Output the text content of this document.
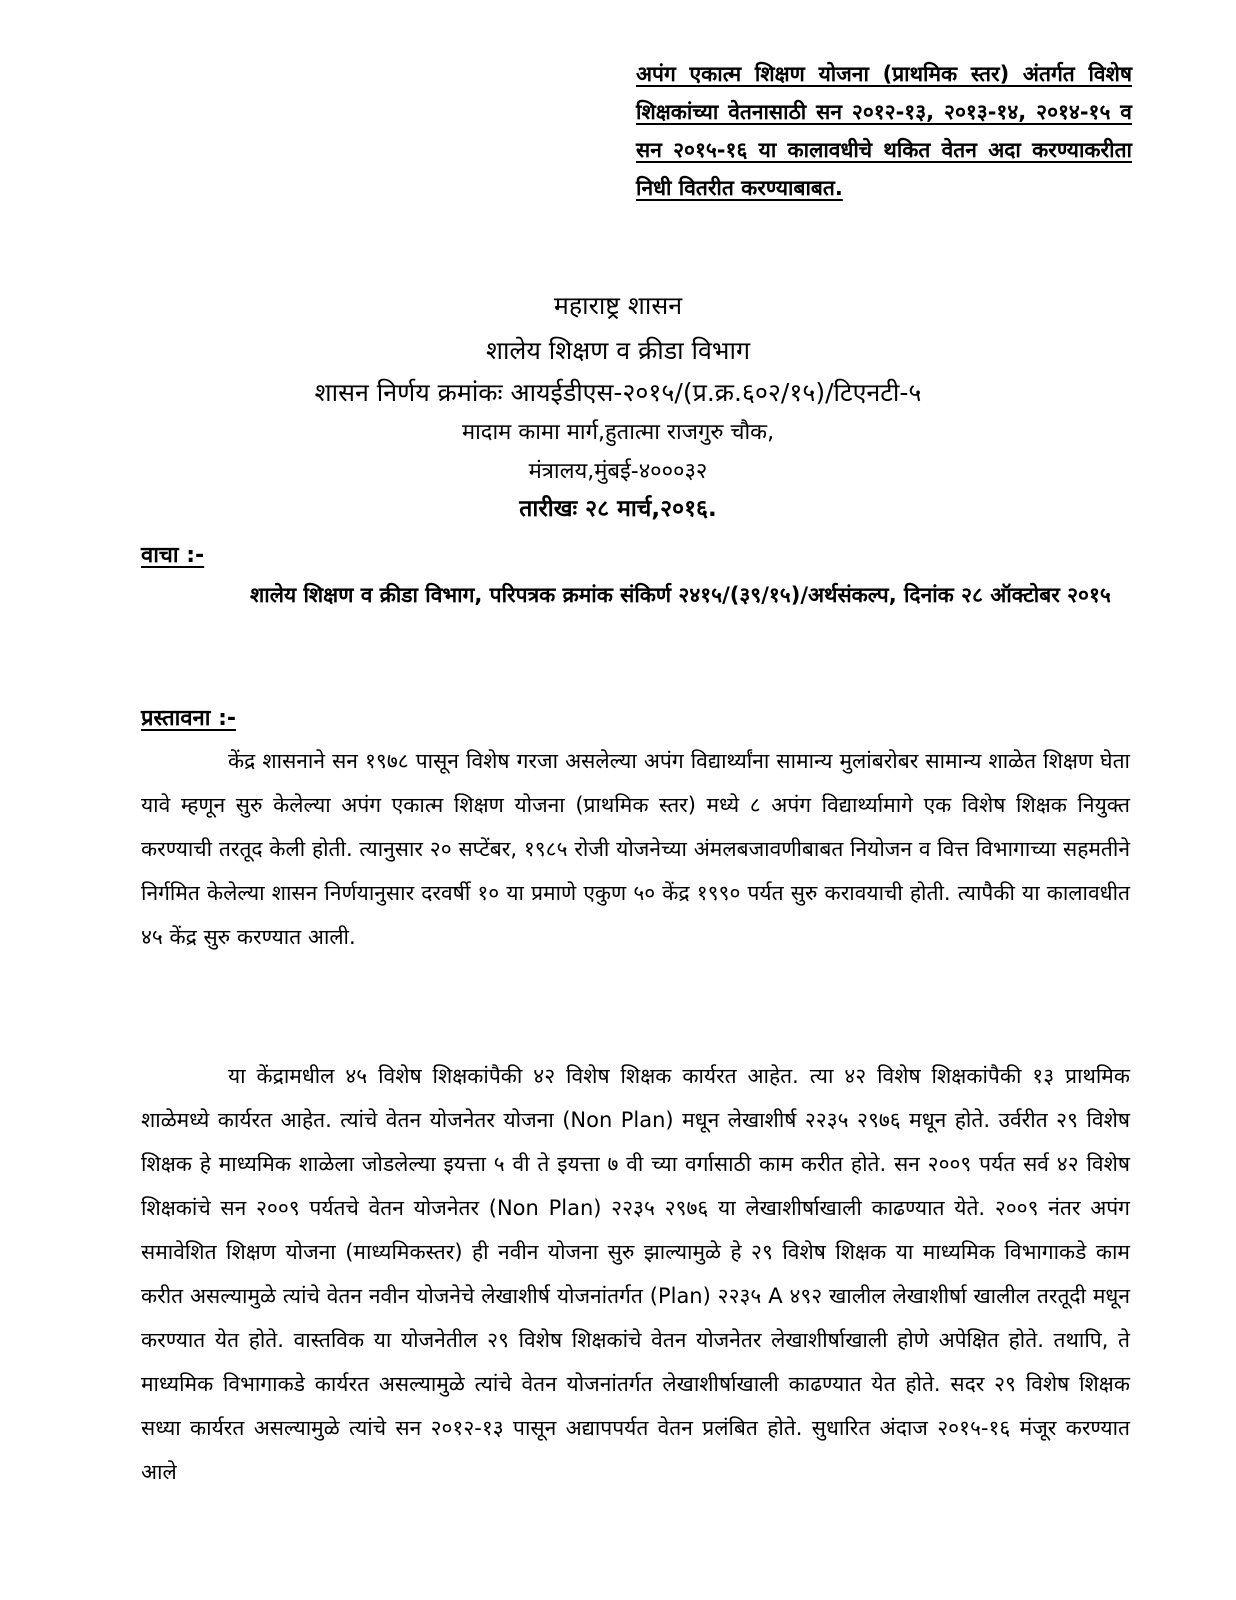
अपंग एकात्म शिक्षण योजना (प्राथमिक स्तर) अंतर्गत विशेष शिक्षकांच्या वेतनासाठी सन २०१२-१३, २०१३-१४, २०१४-१५ व सन २०१५-१६ या कालावधीचे थकित वेतन अदा करण्याकरीता निधी वितरीत करण्याबाबत.
महाराष्ट्र शासन
शालेय शिक्षण व क्रीडा विभाग
शासन निर्णय क्रमांकः आयईडीएस-२०१५/(प्र.क्र.६०२/१५)/टिएनटी-५
मादाम कामा मार्ग,हुतात्मा राजगुरु चौक,
मंत्रालय,मुंबई-४०००३२
तारीखः २८ मार्च,२०१६.
वाचा :-
शालेय शिक्षण व क्रीडा विभाग, परिपत्रक क्रमांक संकिर्ण २४१५/(३९/१५)/अर्थसंकल्प, दिनांक २८ ऑक्टोबर २०१५
प्रस्तावना :-

केंद्र शासनाने सन १९७८ पासून विशेष गरजा असलेल्या अपंग विद्यार्थ्यांना सामान्य मुलांबरोबर सामान्य शाळेत शिक्षण घेता यावे म्हणून सुरु केलेल्या अपंग एकात्म शिक्षण योजना (प्राथमिक स्तर) मध्ये ८ अपंग विद्यार्थ्यामागे एक विशेष शिक्षक नियुक्त करण्याची तरतूद केली होती. त्यानुसार २० सप्टेंबर, १९८५ रोजी योजनेच्या अंमलबजावणीबाबत नियोजन व वित्त विभागाच्या सहमतीने निर्गमित केलेल्या शासन निर्णयानुसार दरवर्षी १० या प्रमाणे एकुण ५० केंद्र १९९० पर्यत सुरु करावयाची होती. त्यापैकी या कालावधीत ४५ केंद्र सुरु करण्यात आली.

या केंद्रामधील ४५ विशेष शिक्षकांपैकी ४२ विशेष शिक्षक कार्यरत आहेत. त्या ४२ विशेष शिक्षकांपैकी १३ प्राथमिक शाळेमध्ये कार्यरत आहेत. त्यांचे वेतन योजनेतर योजना (Non Plan) मधून लेखाशीर्ष २२३५ २९७६ मधून होते. उर्वरीत २९ विशेष शिक्षक हे माध्यमिक शाळेला जोडलेल्या इयत्ता ५ वी ते इयत्ता ७ वी च्या वर्गासाठी काम करीत होते. सन २००९ पर्यत सर्व ४२ विशेष शिक्षकांचे सन २००९ पर्यतचे वेतन योजनेतर (Non Plan) २२३५ २९७६ या लेखाशीर्षाखाली काढण्यात येते. २००९ नंतर अपंग समावेशित शिक्षण योजना (माध्यमिकस्तर) ही नवीन योजना सुरु झाल्यामुळे हे २९ विशेष शिक्षक या माध्यमिक विभागाकडे काम करीत असल्यामुळे त्यांचे वेतन नवीन योजनेचे लेखाशीर्ष योजनांतर्गत (Plan) २२३५ A ४९२ खालील लेखाशीर्षा खालील तरतूदी मधून करण्यात येत होते. वास्तविक या योजनेतील २९ विशेष शिक्षकांचे वेतन योजनेतर लेखाशीर्षाखाली होणे अपेक्षित होते. तथापि, ते माध्यमिक विभागाकडे कार्यरत असल्यामुळे त्यांचे वेतन योजनांतर्गत लेखाशीर्षाखाली काढण्यात येत होते. सदर २९ विशेष शिक्षक सध्या कार्यरत असल्यामुळे त्यांचे सन २०१२-१३ पासून अद्यापपर्यत वेतन प्रलंबित होते. सुधारित अंदाज २०१५-१६ मंजूर करण्यात आले
